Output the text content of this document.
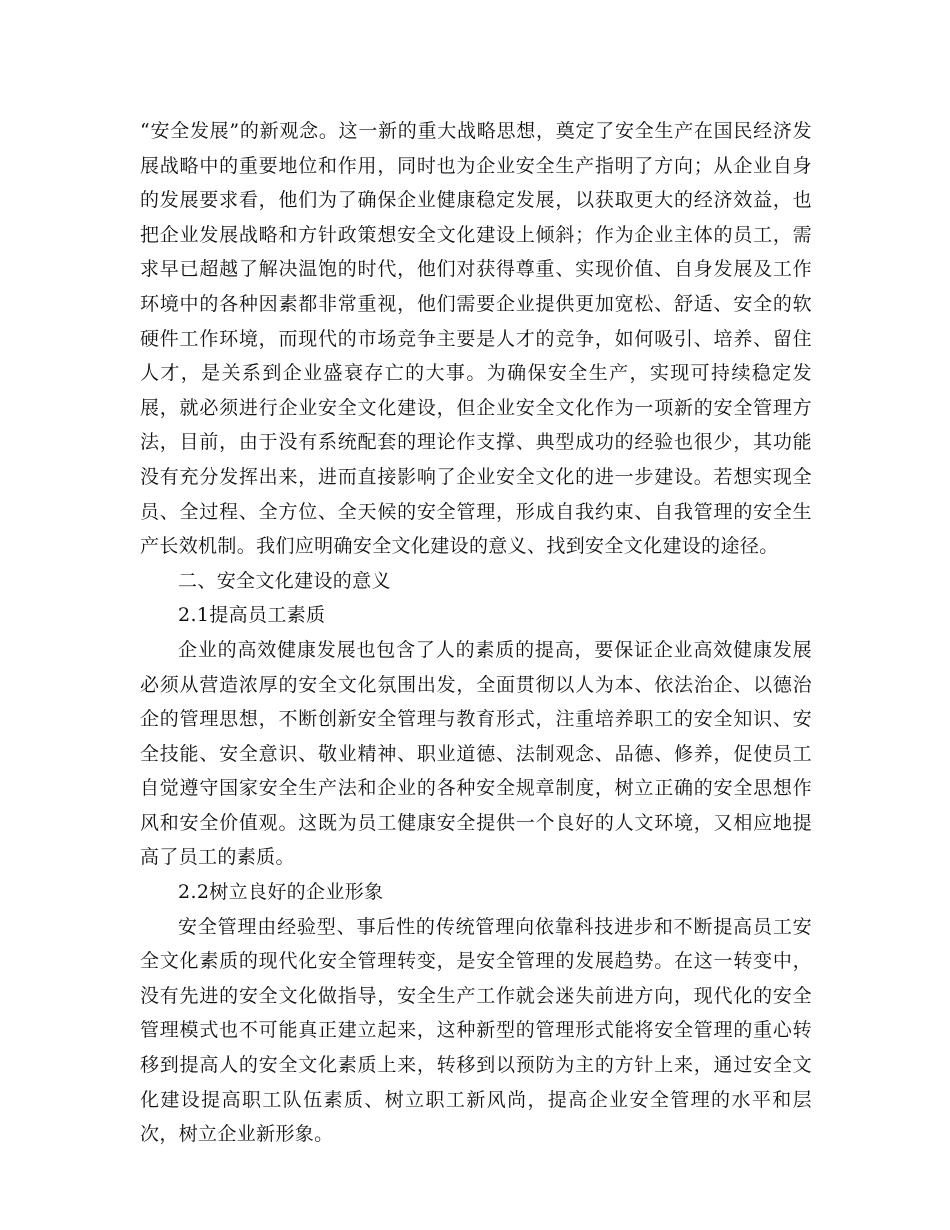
“安全发展”的新观念。这一新的重大战略思想，奠定了安全生产在国民经济发展战略中的重要地位和作用，同时也为企业安全生产指明了方向；从企业自身的发展要求看，他们为了确保企业健康稳定发展，以获取更大的经济效益，也把企业发展战略和方针政策想安全文化建设上倾斜；作为企业主体的员工，需求早已超越了解决温饱的时代，他们对获得尊重、实现价值、自身发展及工作环境中的各种因素都非常重视，他们需要企业提供更加宽松、舒适、安全的软硬件工作环境，而现代的市场竞争主要是人才的竞争，如何吸引、培养、留住人才，是关系到企业盛衰存亡的大事。为确保安全生产，实现可持续稳定发展，就必须进行企业安全文化建设，但企业安全文化作为一项新的安全管理方法，目前，由于没有系统配套的理论作支撑、典型成功的经验也很少，其功能没有充分发挥出来，进而直接影响了企业安全文化的进一步建设。若想实现全员、全过程、全方位、全天候的安全管理，形成自我约束、自我管理的安全生产长效机制。我们应明确安全文化建设的意义、找到安全文化建设的途径。

二、安全文化建设的意义

2.1提高员工素质

企业的高效健康发展也包含了人的素质的提高，要保证企业高效健康发展必须从营造浓厚的安全文化氛围出发，全面贯彻以人为本、依法治企、以德治企的管理思想，不断创新安全管理与教育形式，注重培养职工的安全知识、安全技能、安全意识、敬业精神、职业道德、法制观念、品德、修养，促使员工自觉遵守国家安全生产法和企业的各种安全规章制度，树立正确的安全思想作风和安全价值观。这既为员工健康安全提供一个良好的人文环境，又相应地提高了员工的素质。

2.2树立良好的企业形象

安全管理由经验型、事后性的传统管理向依靠科技进步和不断提高员工安全文化素质的现代化安全管理转变，是安全管理的发展趋势。在这一转变中，没有先进的安全文化做指导，安全生产工作就会迷失前进方向，现代化的安全管理模式也不可能真正建立起来，这种新型的管理形式能将安全管理的重心转移到提高人的安全文化素质上来，转移到以预防为主的方针上来，通过安全文化建设提高职工队伍素质、树立职工新风尚，提高企业安全管理的水平和层次，树立企业新形象。
